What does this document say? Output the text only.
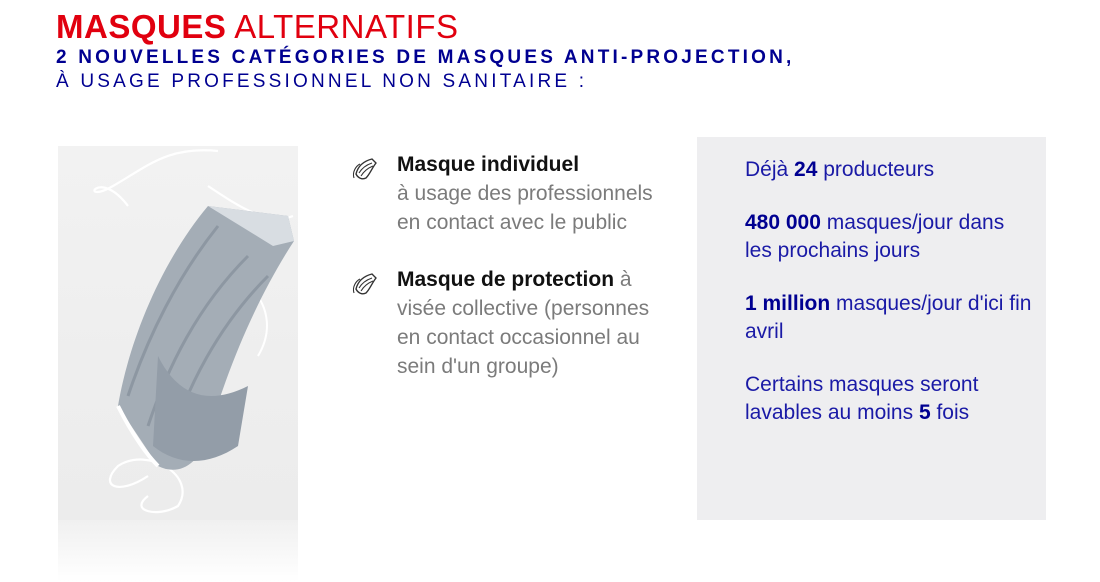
MASQUES ALTERNATIFS
2 NOUVELLES CATÉGORIES DE MASQUES ANTI-PROJECTION,
À USAGE PROFESSIONNEL NON SANITAIRE :
Masque individuel
à usage des professionnels en contact avec le public
Masque de protection à visée collective (personnes en contact occasionnel au sein d'un groupe)
Déjà 24 producteurs
480 000 masques/jour dans les prochains jours
1 million masques/jour d'ici fin avril
Certains masques seront lavables au moins 5 fois
